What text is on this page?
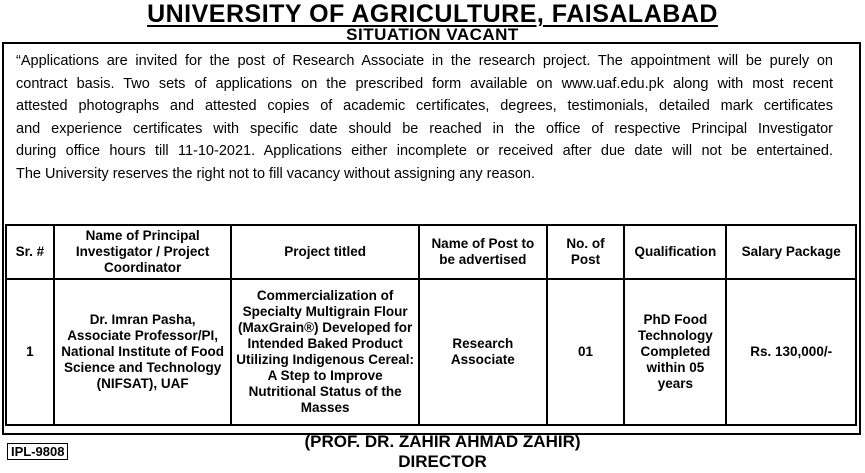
UNIVERSITY OF AGRICULTURE, FAISALABAD
SITUATION VACANT
“Applications are invited for the post of Research Associate in the research project. The appointment will be purely on
contract basis. Two sets of applications on the prescribed form available on www.uaf.edu.pk along with most recent
attested photographs and attested copies of academic certificates, degrees, testimonials, detailed mark certificates
and experience certificates with specific date should be reached in the office of respective Principal Investigator
during office hours till 11-10-2021. Applications either incomplete or received after due date will not be entertained.
The University reserves the right not to fill vacancy without assigning any reason.
Sr. #	Name of Principal Investigator / Project Coordinator	Project titled	Name of Post to be advertised	No. of Post	Qualification	Salary Package
1	Dr. Imran Pasha, Associate Professor/PI, National Institute of Food Science and Technology (NIFSAT), UAF	Commercialization of Specialty Multigrain Flour (MaxGrain®) Developed for Intended Baked Product Utilizing Indigenous Cereal: A Step to Improve Nutritional Status of the Masses	Research Associate	01	PhD Food Technology Completed within 05 years	Rs. 130,000/-
IPL-9808
(PROF. DR. ZAHIR AHMAD ZAHIR)
DIRECTOR
